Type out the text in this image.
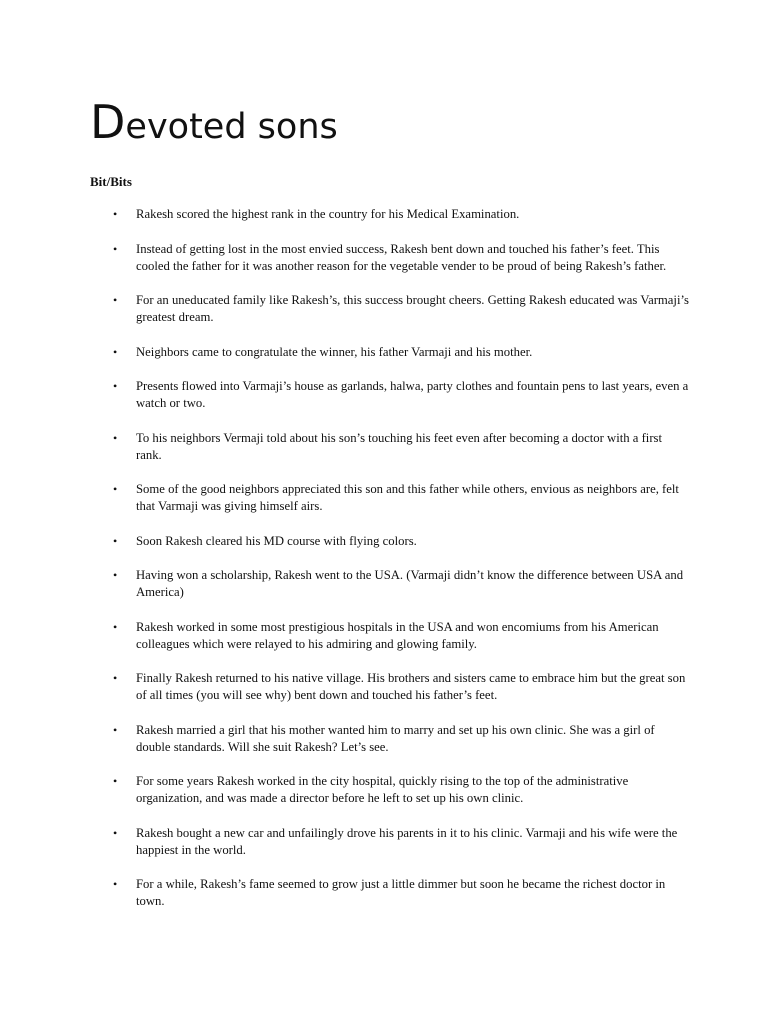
Devoted sons
Bit/Bits
• Rakesh scored the highest rank in the country for his Medical Examination.
• Instead of getting lost in the most envied success, Rakesh bent down and touched his father’s feet. This cooled the father for it was another reason for the vegetable vender to be proud of being Rakesh’s father.
• For an uneducated family like Rakesh’s, this success brought cheers. Getting Rakesh educated was Varmaji’s greatest dream.
• Neighbors came to congratulate the winner, his father Varmaji and his mother.
• Presents flowed into Varmaji’s house as garlands, halwa, party clothes and fountain pens to last years, even a watch or two.
• To his neighbors Vermaji told about his son’s touching his feet even after becoming a doctor with a first rank.
• Some of the good neighbors appreciated this son and this father while others, envious as neighbors are, felt that Varmaji was giving himself airs.
• Soon Rakesh cleared his MD course with flying colors.
• Having won a scholarship, Rakesh went to the USA. (Varmaji didn’t know the difference between USA and America)
• Rakesh worked in some most prestigious hospitals in the USA and won encomiums from his American colleagues which were relayed to his admiring and glowing family.
• Finally Rakesh returned to his native village. His brothers and sisters came to embrace him but the great son of all times (you will see why) bent down and touched his father’s feet.
• Rakesh married a girl that his mother wanted him to marry and set up his own clinic. She was a girl of double standards. Will she suit Rakesh? Let’s see.
• For some years Rakesh worked in the city hospital, quickly rising to the top of the administrative organization, and was made a director before he left to set up his own clinic.
• Rakesh bought a new car and unfailingly drove his parents in it to his clinic. Varmaji and his wife were the happiest in the world.
• For a while, Rakesh’s fame seemed to grow just a little dimmer but soon he became the richest doctor in town.
